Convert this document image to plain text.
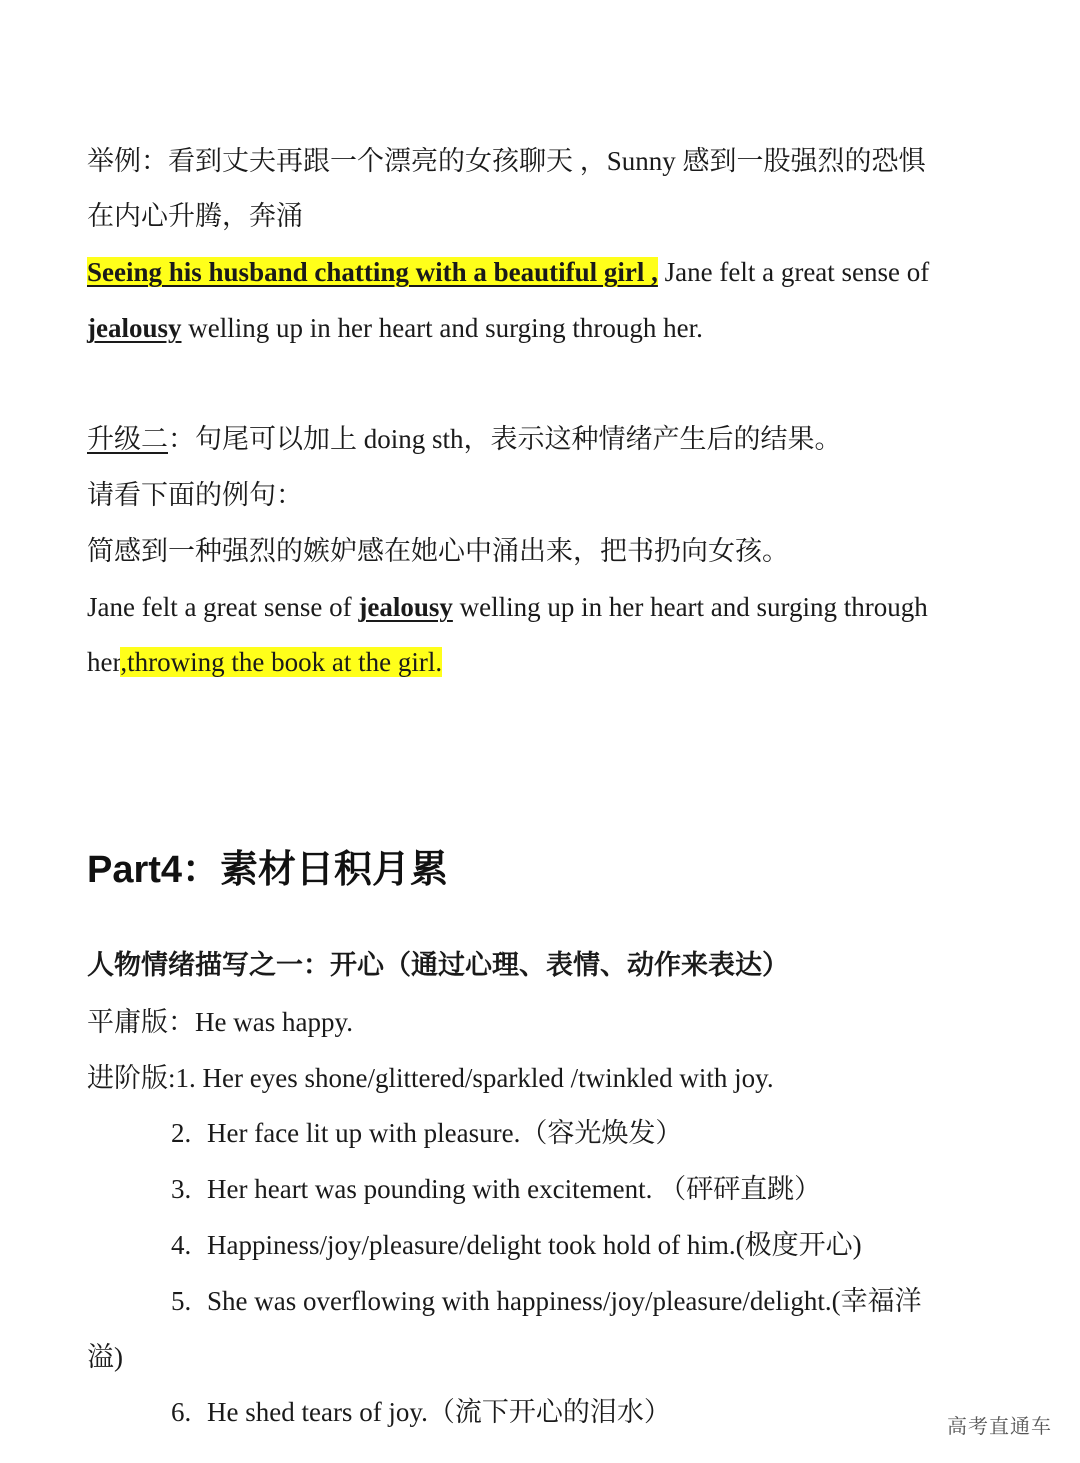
举例：看到丈夫再跟一个漂亮的女孩聊天 ，Sunny 感到一股强烈的恐惧
在内心升腾，奔涌
Seeing his husband chatting with a beautiful girl , Jane felt a great sense of
jealousy welling up in her heart and surging through her.
升级二：句尾可以加上 doing sth，表示这种情绪产生后的结果。
请看下面的例句：
简感到一种强烈的嫉妒感在她心中涌出来，把书扔向女孩。
Jane felt a great sense of jealousy welling up in her heart and surging through
her,throwing the book at the girl.
Part4：素材日积月累
人物情绪描写之一：开心（通过心理、表情、动作来表达）
平庸版：He was happy.
进阶版:1. Her eyes shone/glittered/sparkled /twinkled with joy.
2. Her face lit up with pleasure.（容光焕发）
3. Her heart was pounding with excitement. （砰砰直跳）
4. Happiness/joy/pleasure/delight took hold of him.(极度开心)
5. She was overflowing with happiness/joy/pleasure/delight.(幸福洋
溢)
6. He shed tears of joy.（流下开心的泪水）	高考直通车
